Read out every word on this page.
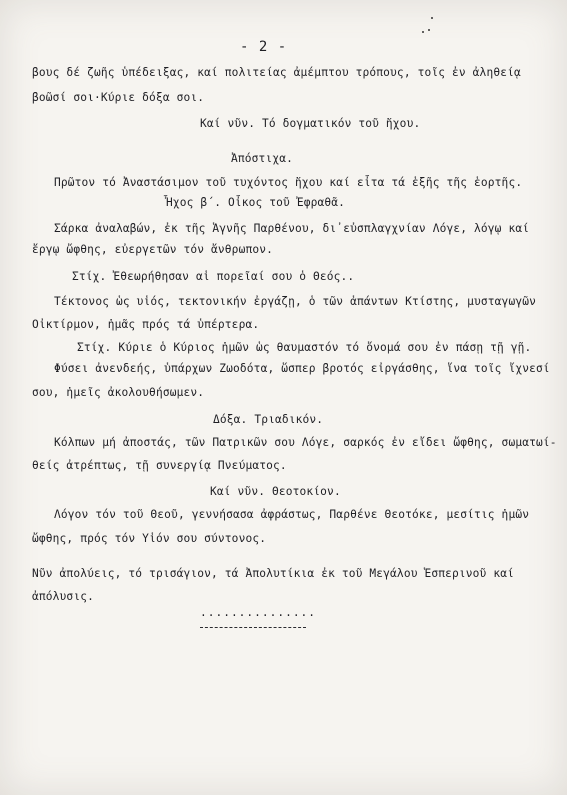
- 2 -
βους δέ ζωῆς ὑπέδειξας, καί πολιτείας ἀμέμπτου τρόπους, τοῖς ἐν ἀληθείᾳ
βοῶσί σοι·Κύριε δόξα σοι.
Καί νῦν. Τό δογματικόν τοῦ ἤχου.
Ἀπόστιχα.
Πρῶτον τό Ἀναστάσιμον τοῦ τυχόντος ἤχου καί εἶτα τά ἑξῆς τῆς ἑορτῆς.
Ἦχος β΄. Οἶκος τοῦ Ἐφραθᾶ.
Σάρκα ἀναλαβών, ἐκ τῆς Ἁγνῆς Παρθένου, δι᾽εὐσπλαγχνίαν Λόγε, λόγῳ καί
ἔργῳ ὤφθης, εὐεργετῶν τόν ἄνθρωπον.
Στίχ. Ἐθεωρήθησαν αἱ πορεῖαί σου ὁ Θεός..
Τέκτονος ὡς υἱός, τεκτονικήν ἐργάζῃ, ὁ τῶν ἁπάντων Κτίστης, μυσταγωγῶν
Οἰκτίρμον, ἡμᾶς πρός τά ὑπέρτερα.
Στίχ. Κύριε ὁ Κύριος ἡμῶν ὡς θαυμαστόν τό ὄνομά σου ἐν πάσῃ τῇ γῇ.
Φύσει ἀνενδεής, ὑπάρχων Ζωοδότα, ὥσπερ βροτός εἰργάσθης, ἵνα τοῖς ἴχνεσί
σου, ἡμεῖς ἀκολουθήσωμεν.
Δόξα. Τριαδικόν.
Κόλπων μή ἀποστάς, τῶν Πατρικῶν σου Λόγε, σαρκός ἐν εἴδει ὤφθης, σωματωί-
θείς ἀτρέπτως, τῇ συνεργίᾳ Πνεύματος.
Καί νῦν. Θεοτοκίον.
Λόγον τόν τοῦ Θεοῦ, γεννήσασα ἀφράστως, Παρθένε Θεοτόκε, μεσίτις ἡμῶν
ὤφθης, πρός τόν Υἱόν σου σύντονος.
Νῦν ἀπολύεις, τό τρισάγιον, τά Ἀπολυτίκια ἐκ τοῦ Μεγάλου Ἑσπερινοῦ καί
ἀπόλυσις.
...............
